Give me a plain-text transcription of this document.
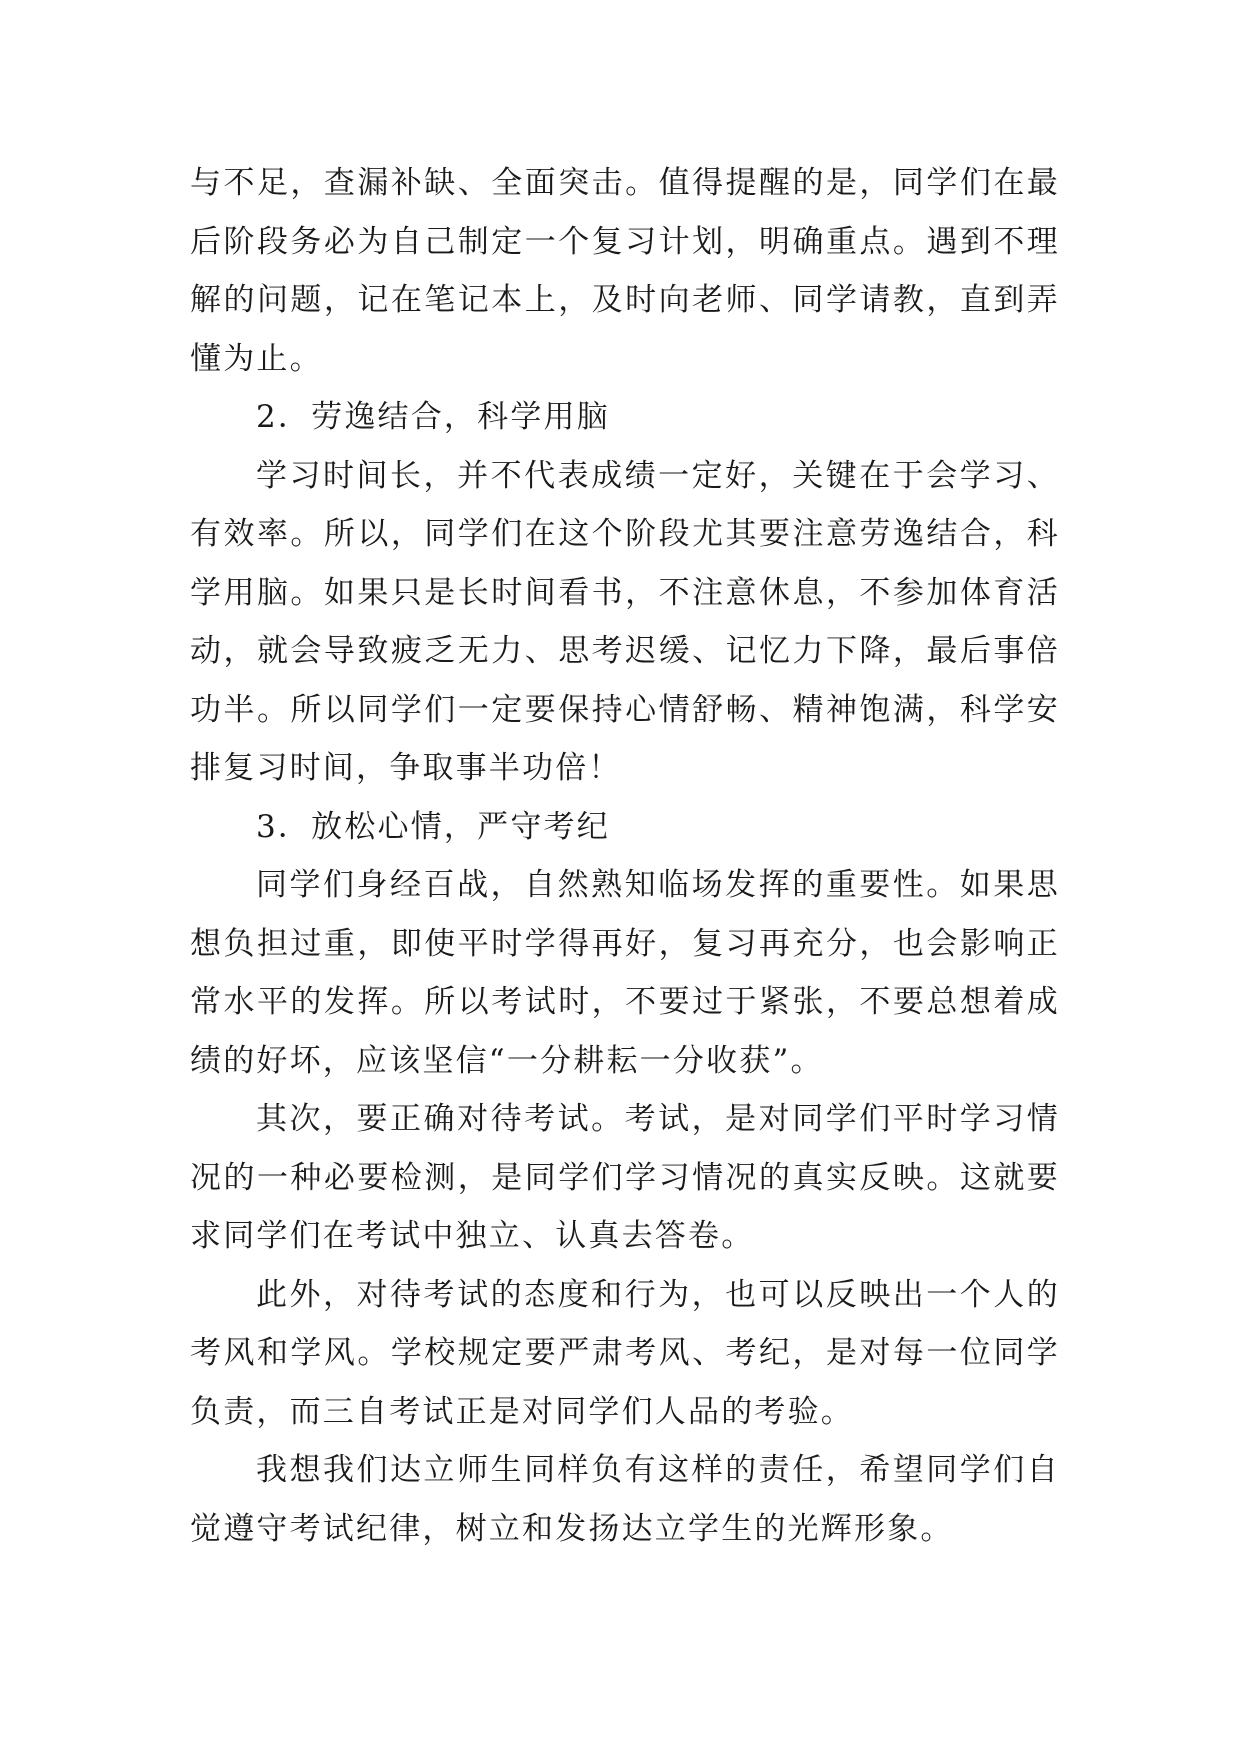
与不足，查漏补缺、全面突击。值得提醒的是，同学们在最后阶段务必为自己制定一个复习计划，明确重点。遇到不理解的问题，记在笔记本上，及时向老师、同学请教，直到弄懂为止。

2．劳逸结合，科学用脑

学习时间长，并不代表成绩一定好，关键在于会学习、有效率。所以，同学们在这个阶段尤其要注意劳逸结合，科学用脑。如果只是长时间看书，不注意休息，不参加体育活动，就会导致疲乏无力、思考迟缓、记忆力下降，最后事倍功半。所以同学们一定要保持心情舒畅、精神饱满，科学安排复习时间，争取事半功倍！

3．放松心情，严守考纪

同学们身经百战，自然熟知临场发挥的重要性。如果思想负担过重，即使平时学得再好，复习再充分，也会影响正常水平的发挥。所以考试时，不要过于紧张，不要总想着成绩的好坏，应该坚信“一分耕耘一分收获”。

其次，要正确对待考试。考试，是对同学们平时学习情况的一种必要检测，是同学们学习情况的真实反映。这就要求同学们在考试中独立、认真去答卷。

此外，对待考试的态度和行为，也可以反映出一个人的考风和学风。学校规定要严肃考风、考纪，是对每一位同学负责，而三自考试正是对同学们人品的考验。

我想我们达立师生同样负有这样的责任，希望同学们自觉遵守考试纪律，树立和发扬达立学生的光辉形象。
